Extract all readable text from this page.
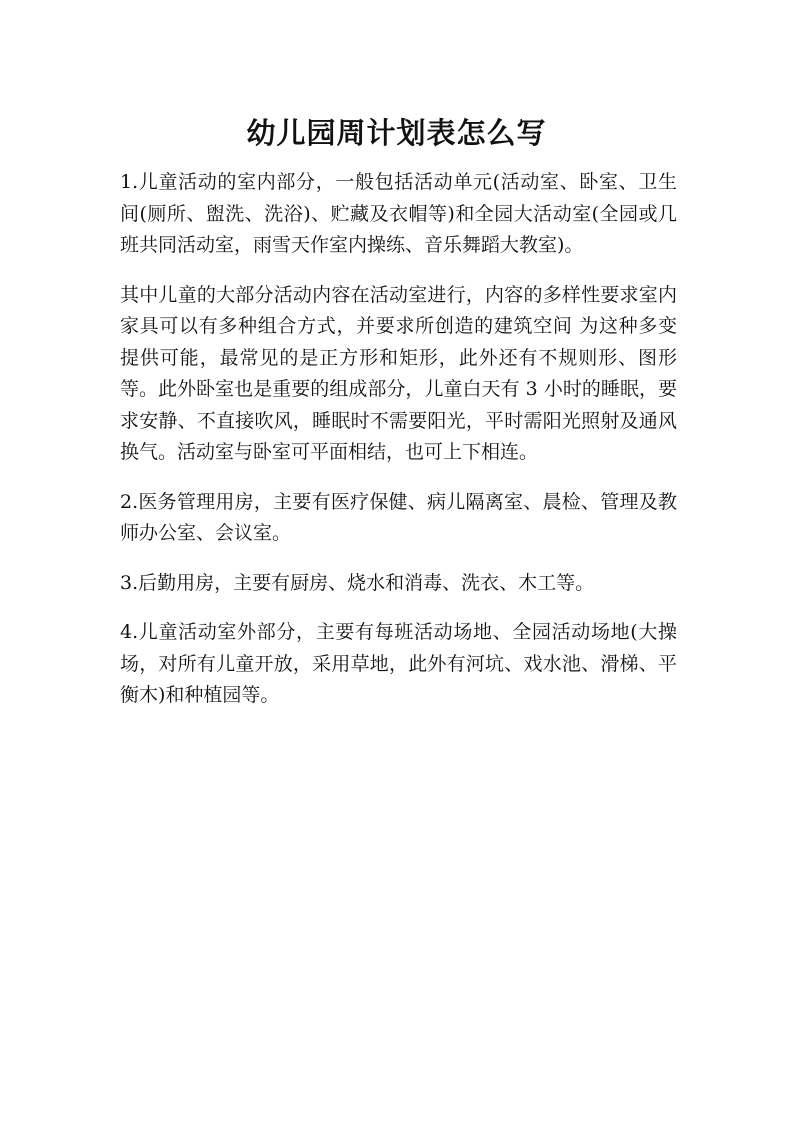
幼儿园周计划表怎么写

1.儿童活动的室内部分，一般包括活动单元(活动室、卧室、卫生间(厕所、盥洗、洗浴)、贮藏及衣帽等)和全园大活动室(全园或几班共同活动室，雨雪天作室内操练、音乐舞蹈大教室)。

其中儿童的大部分活动内容在活动室进行，内容的多样性要求室内家具可以有多种组合方式，并要求所创造的建筑空间 为这种多变提供可能，最常见的是正方形和矩形，此外还有不规则形、图形等。此外卧室也是重要的组成部分，儿童白天有 3 小时的睡眠，要求安静、不直接吹风，睡眠时不需要阳光，平时需阳光照射及通风换气。活动室与卧室可平面相结，也可上下相连。

2.医务管理用房，主要有医疗保健、病儿隔离室、晨检、管理及教师办公室、会议室。

3.后勤用房，主要有厨房、烧水和消毒、洗衣、木工等。

4.儿童活动室外部分，主要有每班活动场地、全园活动场地(大操场，对所有儿童开放，采用草地，此外有河坑、戏水池、滑梯、平衡木)和种植园等。
